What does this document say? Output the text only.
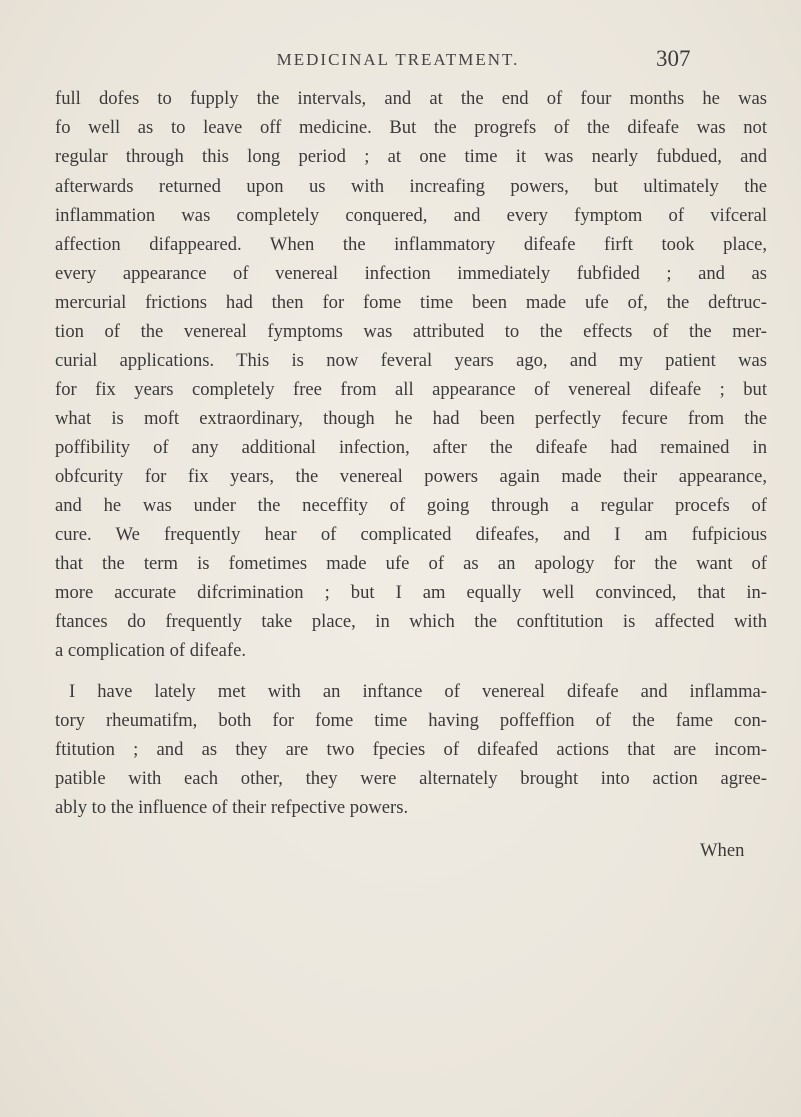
MEDICINAL TREATMENT.	307
full dofes to fupply the intervals, and at the end of four months he was
fo well as to leave off medicine. But the progrefs of the difeafe was not
regular through this long period ; at one time it was nearly fubdued, and
afterwards returned upon us with increafing powers, but ultimately the
inflammation was completely conquered, and every fymptom of vifceral
affection difappeared. When the inflammatory difeafe firft took place,
every appearance of venereal infection immediately fubfided ; and as
mercurial frictions had then for fome time been made ufe of, the deftruc-
tion of the venereal fymptoms was attributed to the effects of the mer-
curial applications. This is now feveral years ago, and my patient was
for fix years completely free from all appearance of venereal difeafe ; but
what is moft extraordinary, though he had been perfectly fecure from the
poffibility of any additional infection, after the difeafe had remained in
obfcurity for fix years, the venereal powers again made their appearance,
and he was under the neceffity of going through a regular procefs of
cure. We frequently hear of complicated difeafes, and I am fufpicious
that the term is fometimes made ufe of as an apology for the want of
more accurate difcrimination ; but I am equally well convinced, that in-
ftances do frequently take place, in which the conftitution is affected with
a complication of difeafe.
I have lately met with an inftance of venereal difeafe and inflamma-
tory rheumatifm, both for fome time having poffeffion of the fame con-
ftitution ; and as they are two fpecies of difeafed actions that are incom-
patible with each other, they were alternately brought into action agree-
ably to the influence of their refpective powers.
When
